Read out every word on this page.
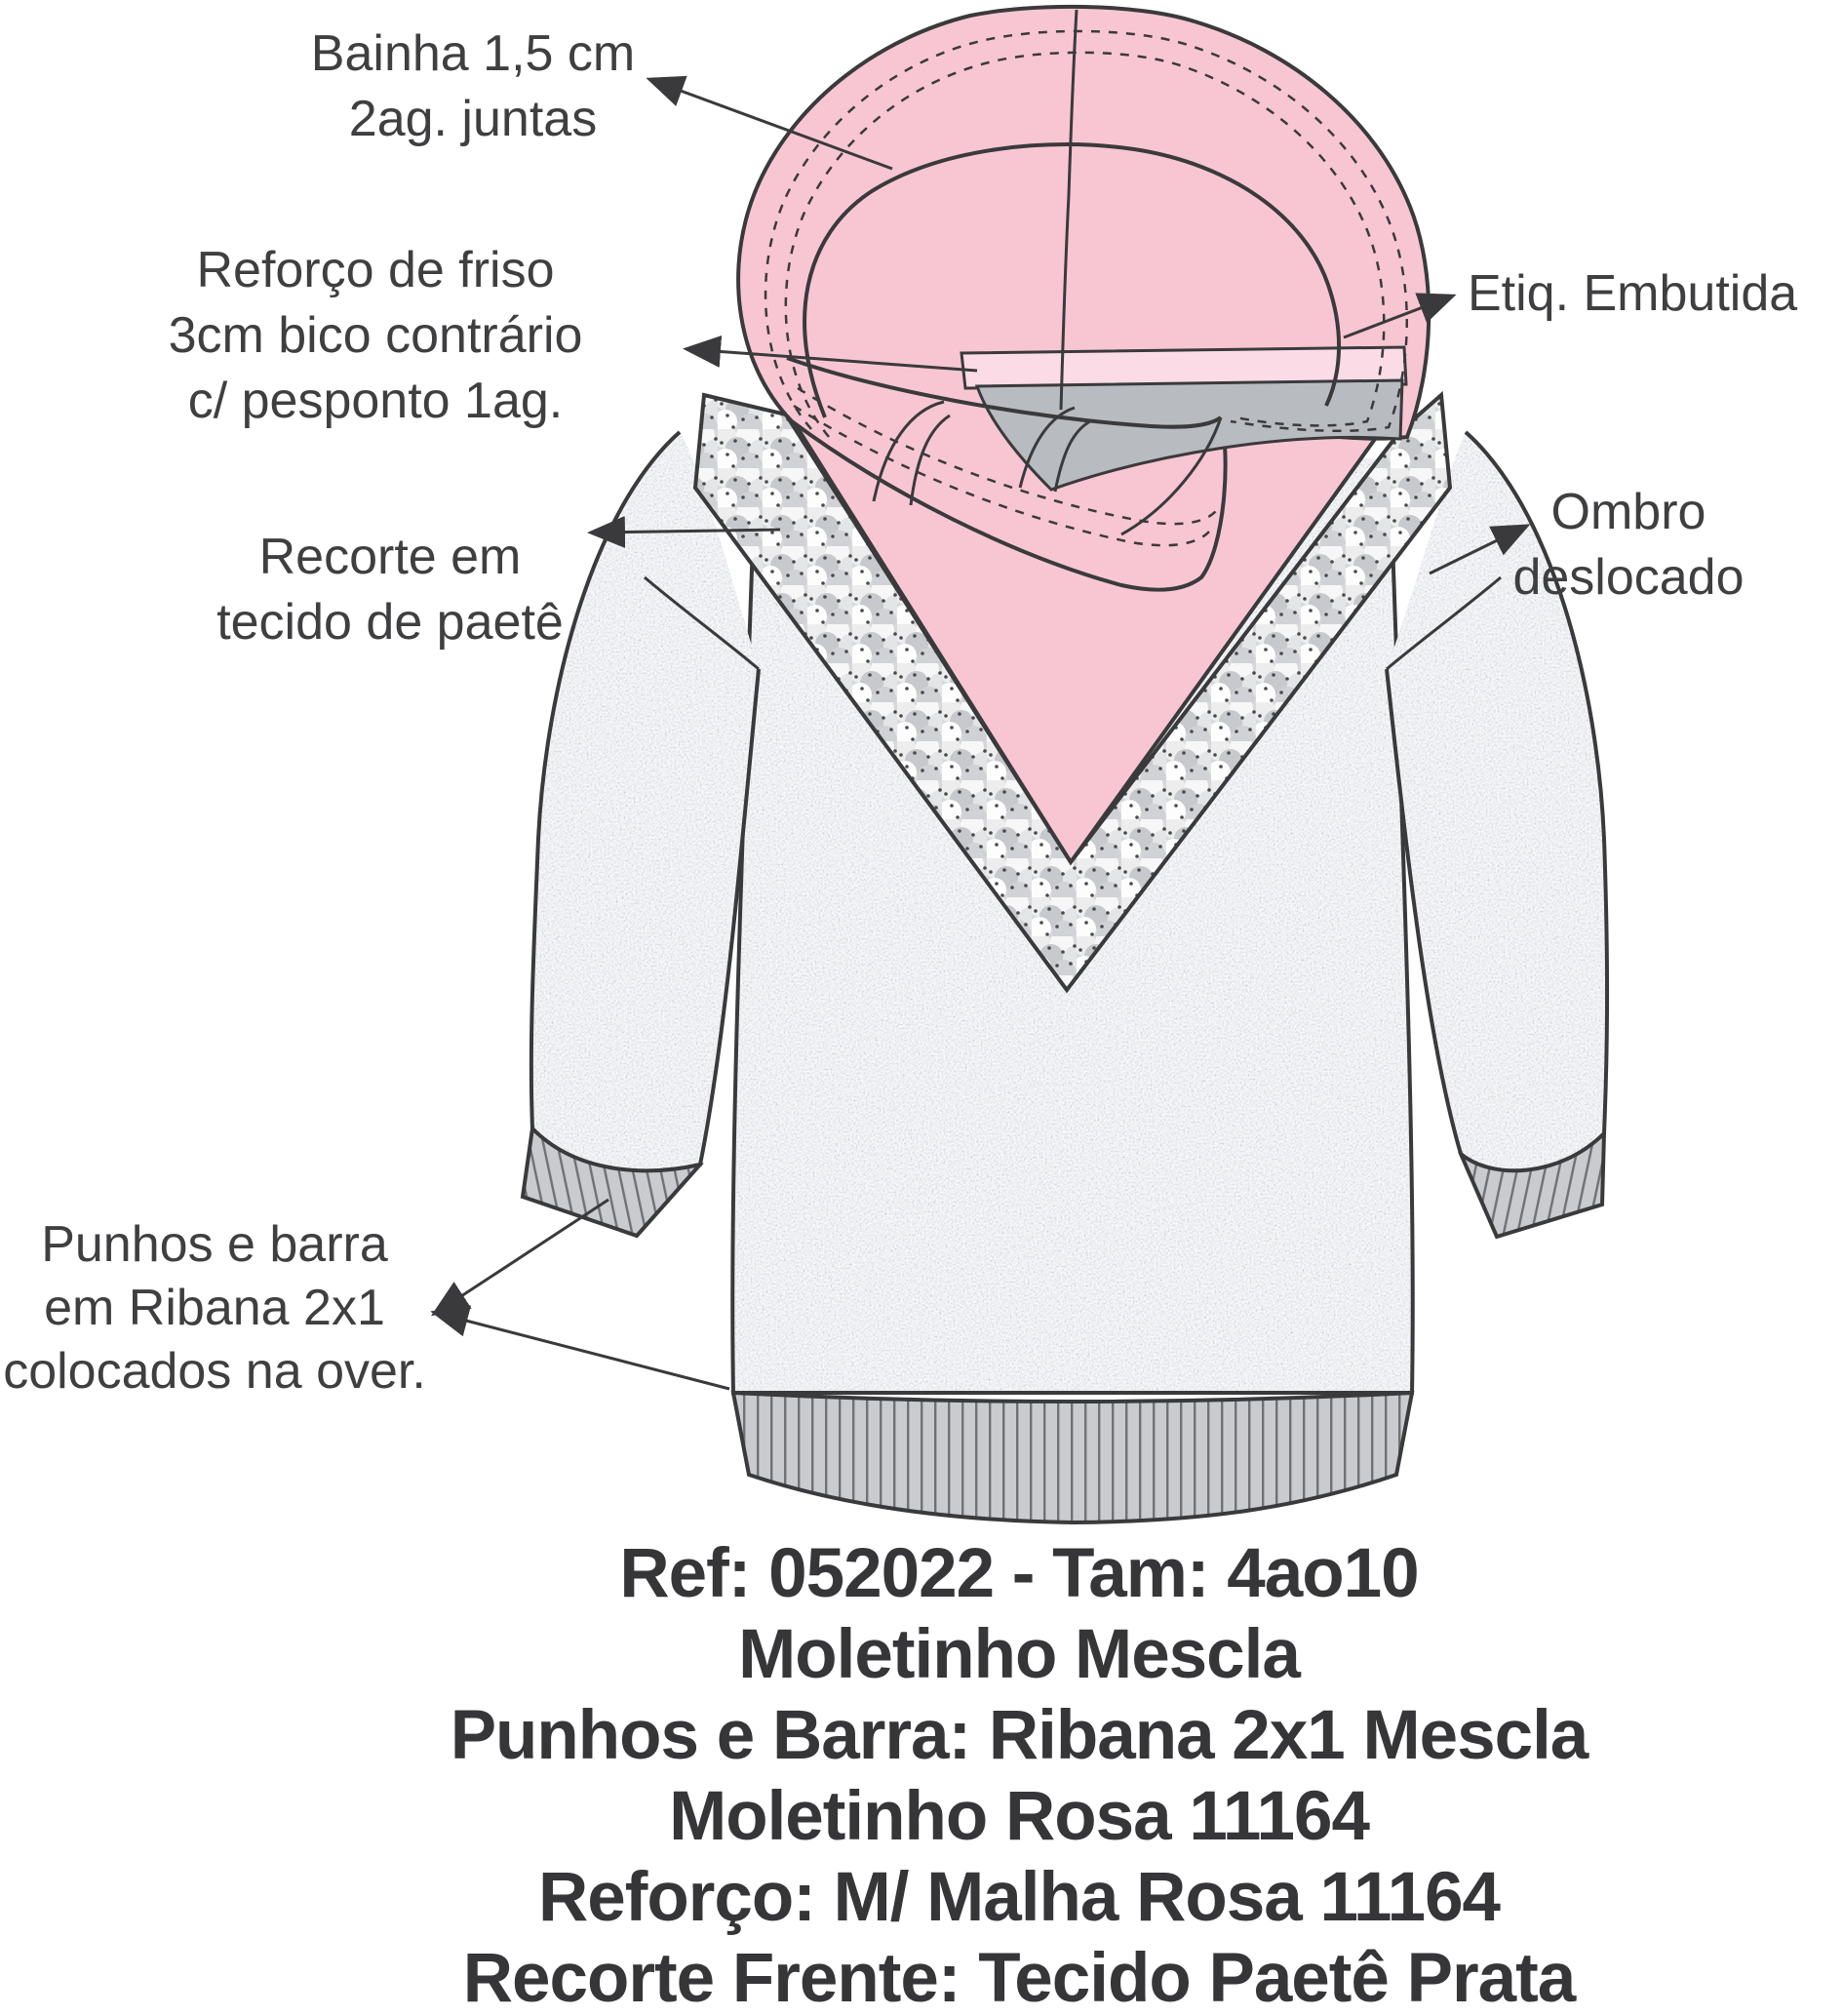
Bainha 1,5 cm
2ag. juntas
Reforço de friso
3cm bico contrário
c/ pesponto 1ag.
Recorte em
tecido de paetê
Etiq. Embutida
Ombro
deslocado
Punhos e barra
em Ribana 2x1
colocados na over.
Ref: 052022 - Tam: 4ao10
Moletinho Mescla
Punhos e Barra: Ribana 2x1 Mescla
Moletinho Rosa 11164
Reforço: M/ Malha Rosa 11164
Recorte Frente: Tecido Paetê Prata
